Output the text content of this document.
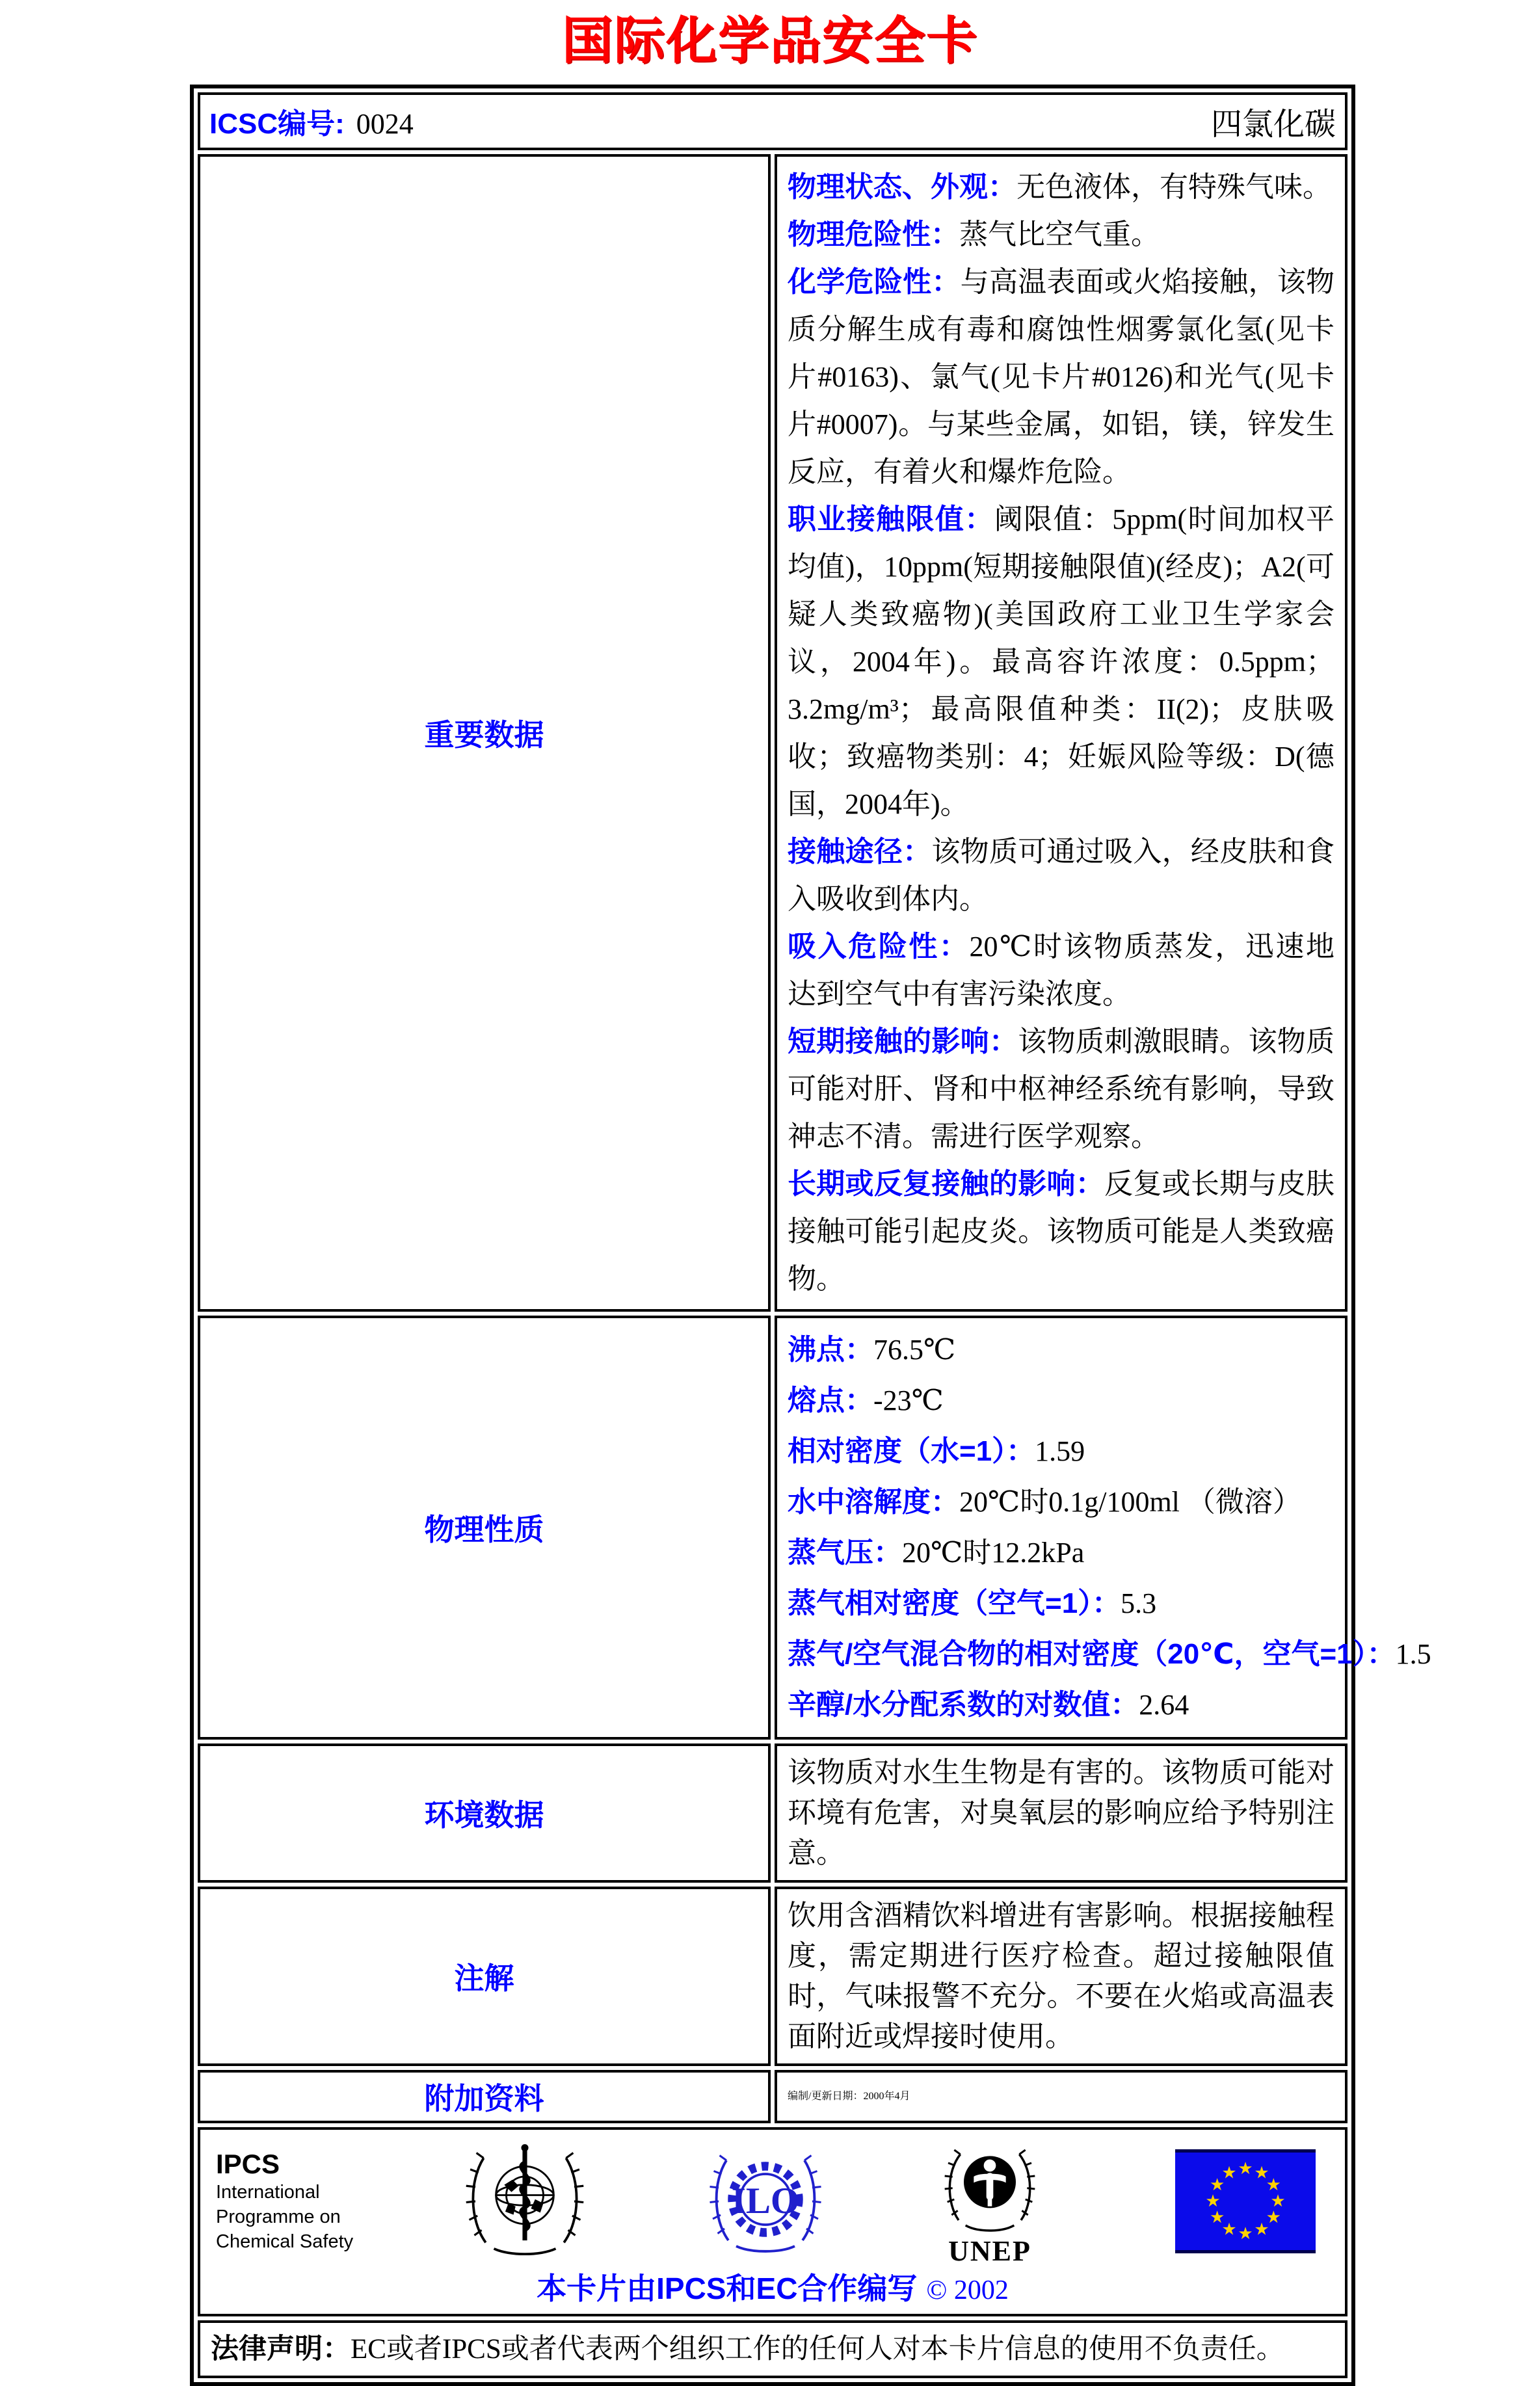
国际化学品安全卡
ICSC编号: 0024 四氯化碳	

重要数据	
物理状态、外观：无色液体，有特殊气味。
物理危险性：蒸气比空气重。
化学危险性：与高温表面或火焰接触，该物质分解生成有毒和腐蚀性烟雾氯化氢(见卡片#0163)、氯气(见卡片#0126)和光气(见卡片#0007)。与某些金属，如铝，镁，锌发生反应，有着火和爆炸危险。
职业接触限值：阈限值：5ppm(时间加权平均值)，10ppm(短期接触限值)(经皮)；A2(可疑人类致癌物)(美国政府工业卫生学家会议，2004年)。最高容许浓度：0.5ppm；3.2mg/m³；最高限值种类：II(2)；皮肤吸收；致癌物类别：4；妊娠风险等级：D(德国，2004年)。
接触途径：该物质可通过吸入，经皮肤和食入吸收到体内。
吸入危险性：20℃时该物质蒸发，迅速地达到空气中有害污染浓度。
短期接触的影响：该物质刺激眼睛。该物质可能对肝、肾和中枢神经系统有影响，导致神志不清。需进行医学观察。
长期或反复接触的影响：反复或长期与皮肤接触可能引起皮炎。该物质可能是人类致癌物。

物理性质	
沸点：76.5℃
熔点：-23℃
相对密度（水=1）：1.59
水中溶解度：20℃时0.1g/100ml （微溶）
蒸气压：20℃时12.2kPa
蒸气相对密度（空气=1）：5.3
蒸气/空气混合物的相对密度（20℃，空气=1）：1.5
辛醇/水分配系数的对数值：2.64

环境数据	该物质对水生生物是有害的。该物质可能对环境有危害，对臭氧层的影响应给予特别注意。

注解	饮用含酒精饮料增进有害影响。根据接触程度，需定期进行医疗检查。超过接触限值时，气味报警不充分。不要在火焰或高温表面附近或焊接时使用。

附加资料	编制/更新日期：2000年4月

IPCS
International
Programme on
Chemical Safety
ILO
UNEP
★ ★
★
★
★
★
★
★
★
★
★
★
本卡片由IPCS和EC合作编写 © 2002

法律声明：EC或者IPCS或者代表两个组织工作的任何人对本卡片信息的使用不负责任。	
